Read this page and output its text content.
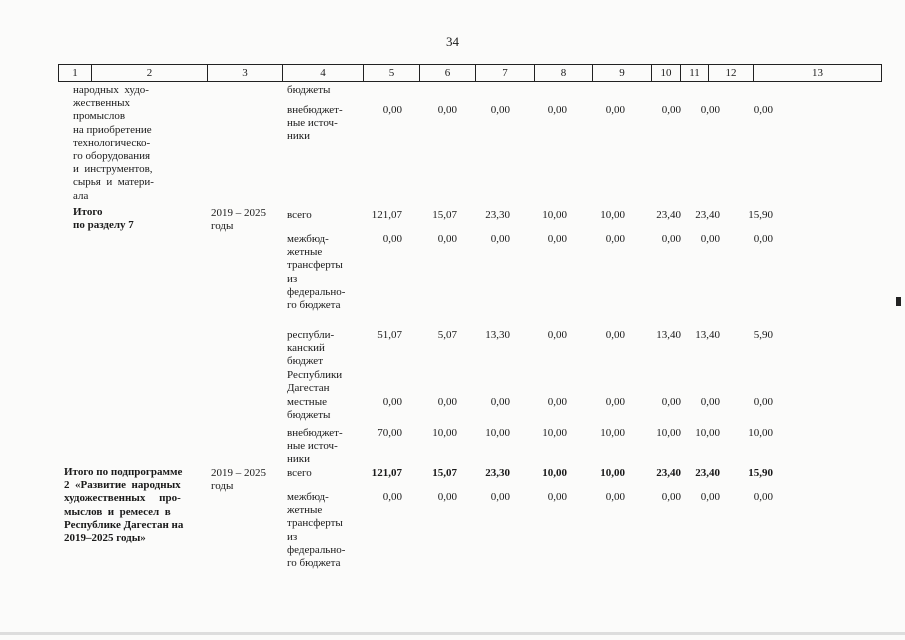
34
1	2	3	4	5	6	7	8	9	10	11	12	13
народных  худо-
жественных
промыслов
на приобретение
технологическо-
го оборудования
и  инструментов,
сырья  и  матери-
ала
бюджеты
внебюджет-
ные источ-
ники
0,00	0,00	0,00	0,00	0,00	0,00	0,00	0,00
Итого
по разделу 7
2019 – 2025
годы
всего	121,07	15,07	23,30	10,00	10,00	23,40	23,40	15,90
межбюд-
жетные
трансферты
из
федерально-
го бюджета
0,00	0,00	0,00	0,00	0,00	0,00	0,00	0,00
республи-
канский
бюджет
Республики
Дагестан
51,07	5,07	13,30	0,00	0,00	13,40	13,40	5,90
местные
бюджеты
0,00	0,00	0,00	0,00	0,00	0,00	0,00	0,00
внебюджет-
ные источ-
ники
70,00	10,00	10,00	10,00	10,00	10,00	10,00	10,00
Итого по подпрограмме
2  «Развитие  народных
художественных     про-
мыслов  и  ремесел  в
Республике Дагестан на
2019–2025 годы»
2019 – 2025
годы
всего	121,07	15,07	23,30	10,00	10,00	23,40	23,40	15,90
межбюд-
жетные
трансферты
из
федерально-
го бюджета
0,00	0,00	0,00	0,00	0,00	0,00	0,00	0,00
